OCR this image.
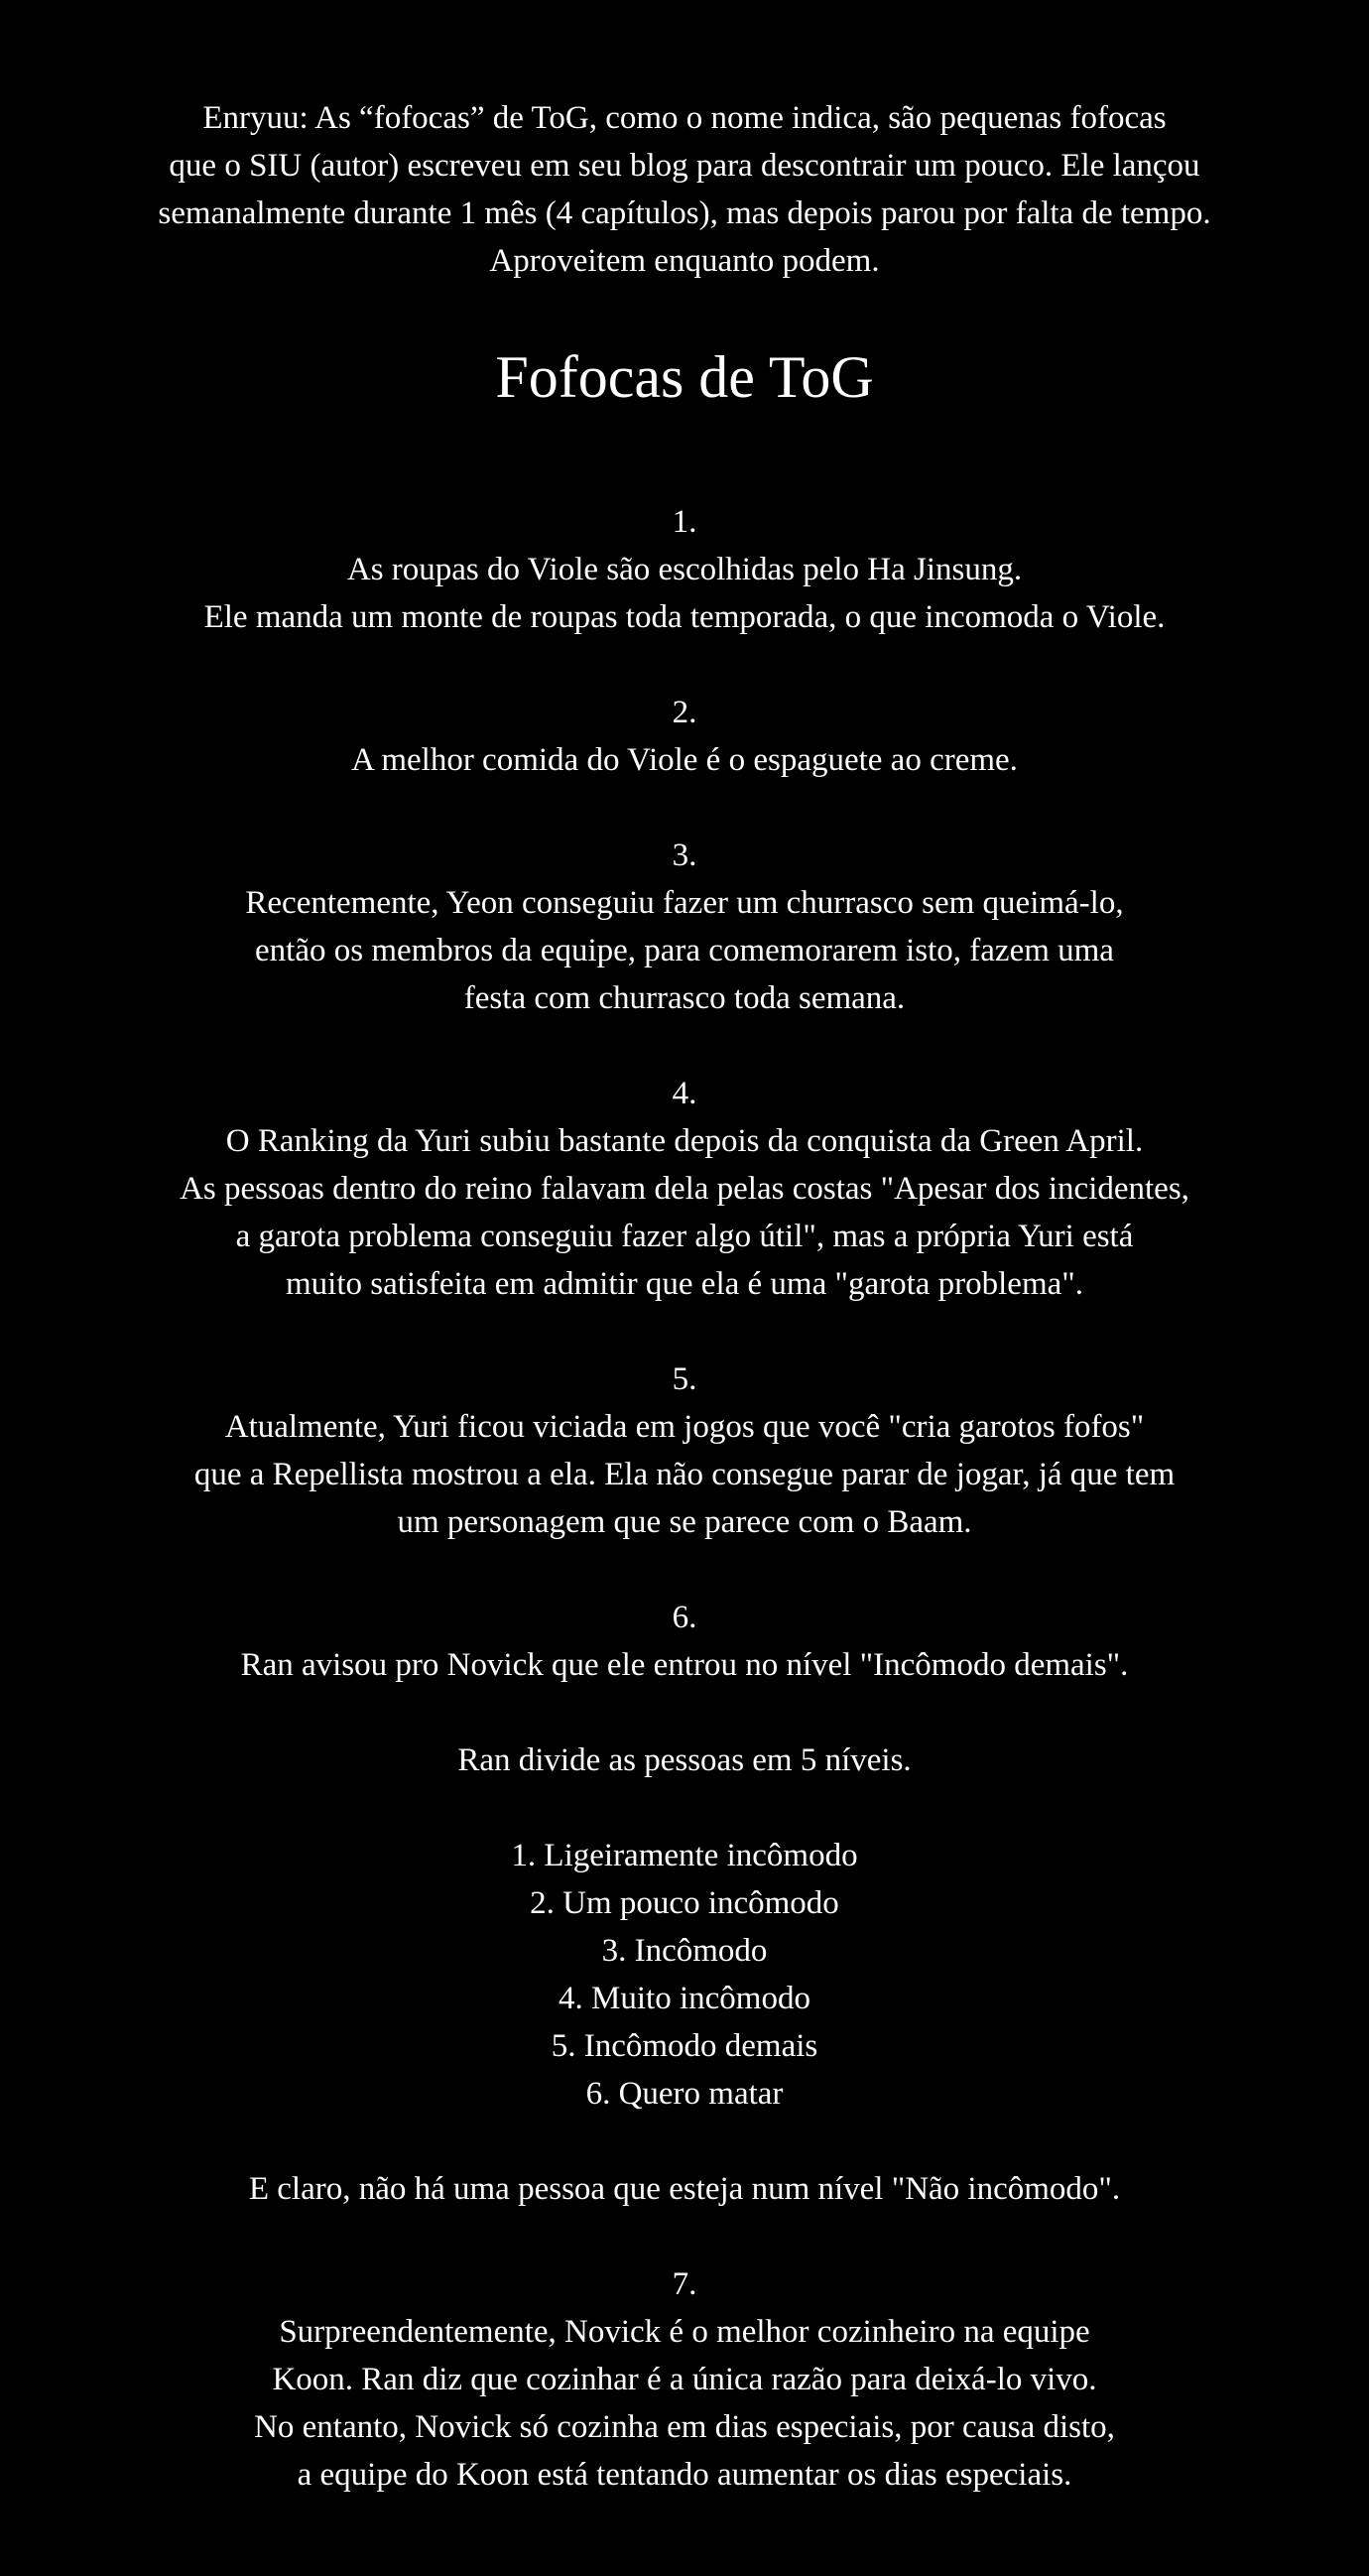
Enryuu: As “fofocas” de ToG, como o nome indica, são pequenas fofocas
que o SIU (autor) escreveu em seu blog para descontrair um pouco. Ele lançou
semanalmente durante 1 mês (4 capítulos), mas depois parou por falta de tempo.
Aproveitem enquanto podem.
Fofocas de ToG
1.
As roupas do Viole são escolhidas pelo Ha Jinsung.
Ele manda um monte de roupas toda temporada, o que incomoda o Viole.
2.
A melhor comida do Viole é o espaguete ao creme.
3.
Recentemente, Yeon conseguiu fazer um churrasco sem queimá-lo,
então os membros da equipe, para comemorarem isto, fazem uma
festa com churrasco toda semana.
4.
O Ranking da Yuri subiu bastante depois da conquista da Green April.
As pessoas dentro do reino falavam dela pelas costas "Apesar dos incidentes,
a garota problema conseguiu fazer algo útil", mas a própria Yuri está
muito satisfeita em admitir que ela é uma "garota problema".
5.
Atualmente, Yuri ficou viciada em jogos que você "cria garotos fofos"
que a Repellista mostrou a ela. Ela não consegue parar de jogar, já que tem
um personagem que se parece com o Baam.
6.
Ran avisou pro Novick que ele entrou no nível "Incômodo demais".
Ran divide as pessoas em 5 níveis.
1. Ligeiramente incômodo
2. Um pouco incômodo
3. Incômodo
4. Muito incômodo
5. Incômodo demais
6. Quero matar
E claro, não há uma pessoa que esteja num nível "Não incômodo".
7.
Surpreendentemente, Novick é o melhor cozinheiro na equipe
Koon. Ran diz que cozinhar é a única razão para deixá-lo vivo.
No entanto, Novick só cozinha em dias especiais, por causa disto,
a equipe do Koon está tentando aumentar os dias especiais.
